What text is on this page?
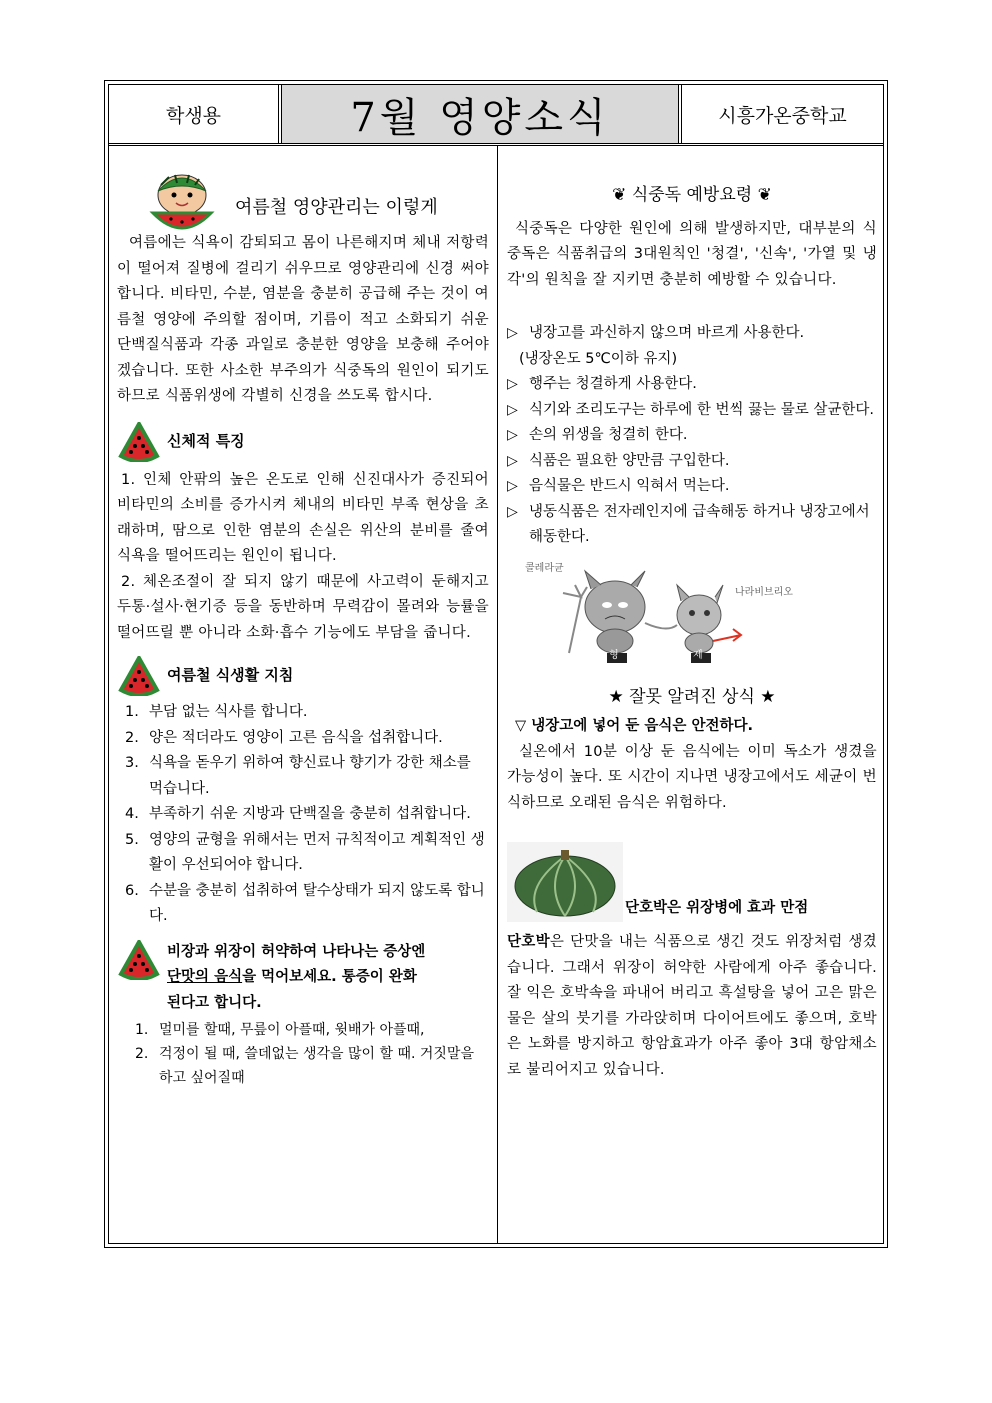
학생용	7월 영양소식	시흥가온중학교
여름철 영양관리는 이렇게

여름에는 식욕이 감퇴되고 몸이 나른해지며 체내 저항력이 떨어져 질병에 걸리기 쉬우므로 영양관리에 신경 써야 합니다. 비타민, 수분, 염분을 충분히 공급해 주는 것이 여름철 영양에 주의할 점이며, 기름이 적고 소화되기 쉬운 단백질식품과 각종 과일로 충분한 영양을 보충해 주어야겠습니다. 또한 사소한 부주의가 식중독의 원인이 되기도 하므로 식품위생에 각별히 신경을 쓰도록 합시다.

신체적 특징

1. 인체 안팎의 높은 온도로 인해 신진대사가 증진되어 비타민의 소비를 증가시켜 체내의 비타민 부족 현상을 초래하며, 땀으로 인한 염분의 손실은 위산의 분비를 줄여 식욕을 떨어뜨리는 원인이 됩니다.

2. 체온조절이 잘 되지 않기 때문에 사고력이 둔해지고 두통·설사·현기증 등을 동반하며 무력감이 몰려와 능률을 떨어뜨릴 뿐 아니라 소화·흡수 기능에도 부담을 줍니다.

여름철 식생활 지침
1. 부담 없는 식사를 합니다.
2. 양은 적더라도 영양이 고른 음식을 섭취합니다.
3. 식욕을 돋우기 위하여 향신료나 향기가 강한 채소를 먹습니다.
4. 부족하기 쉬운 지방과 단백질을 충분히 섭취합니다.
5. 영양의 균형을 위해서는 먼저 규칙적이고 계획적인 생활이 우선되어야 합니다.
6. 수분을 충분히 섭취하여 탈수상태가 되지 않도록 합니다.
비장과 위장이 허약하여 나타나는 증상엔
단맛의 음식을 먹어보세요. 통증이 완화
된다고 합니다.
1. 멀미를 할때, 무릎이 아플때, 윗배가 아플때,
2. 걱정이 될 때, 쓸데없는 생각을 많이 할 때. 거짓말을 하고 싶어질때
❦ 식중독 예방요령 ❦

식중독은 다양한 원인에 의해 발생하지만, 대부분의 식중독은 식품취급의 3대원칙인 '청결', '신속', '가열 및 냉각'의 원칙을 잘 지키면 충분히 예방할 수 있습니다.

▷ 냉장고를 과신하지 않으며 바르게 사용한다.
(냉장온도 5℃이하 유지)
▷ 행주는 청결하게 사용한다.
▷ 식기와 조리도구는 하루에 한 번씩 끓는 물로 살균한다.
▷ 손의 위생을 청결히 한다.
▷ 식품은 필요한 양만큼 구입한다.
▷ 음식물은 반드시 익혀서 먹는다.
▷ 냉동식품은 전자레인지에 급속해동 하거나 냉장고에서 해동한다.
콜레라균
나라비브리오
형	제
★ 잘못 알려진 상식 ★
▽ 냉장고에 넣어 둔 음식은 안전하다.

실온에서 10분 이상 둔 음식에는 이미 독소가 생겼을 가능성이 높다. 또 시간이 지나면 냉장고에서도 세균이 번식하므로 오래된 음식은 위험하다.

단호박은 위장병에 효과 만점

단호박은 단맛을 내는 식품으로 생긴 것도 위장처럼 생겼습니다. 그래서 위장이 허약한 사람에게 아주 좋습니다. 잘 익은 호박속을 파내어 버리고 흑설탕을 넣어 고은 맑은 물은 살의 붓기를 가라앉히며 다이어트에도 좋으며, 호박은 노화를 방지하고 항암효과가 아주 좋아 3대 항암채소로 불리어지고 있습니다.
